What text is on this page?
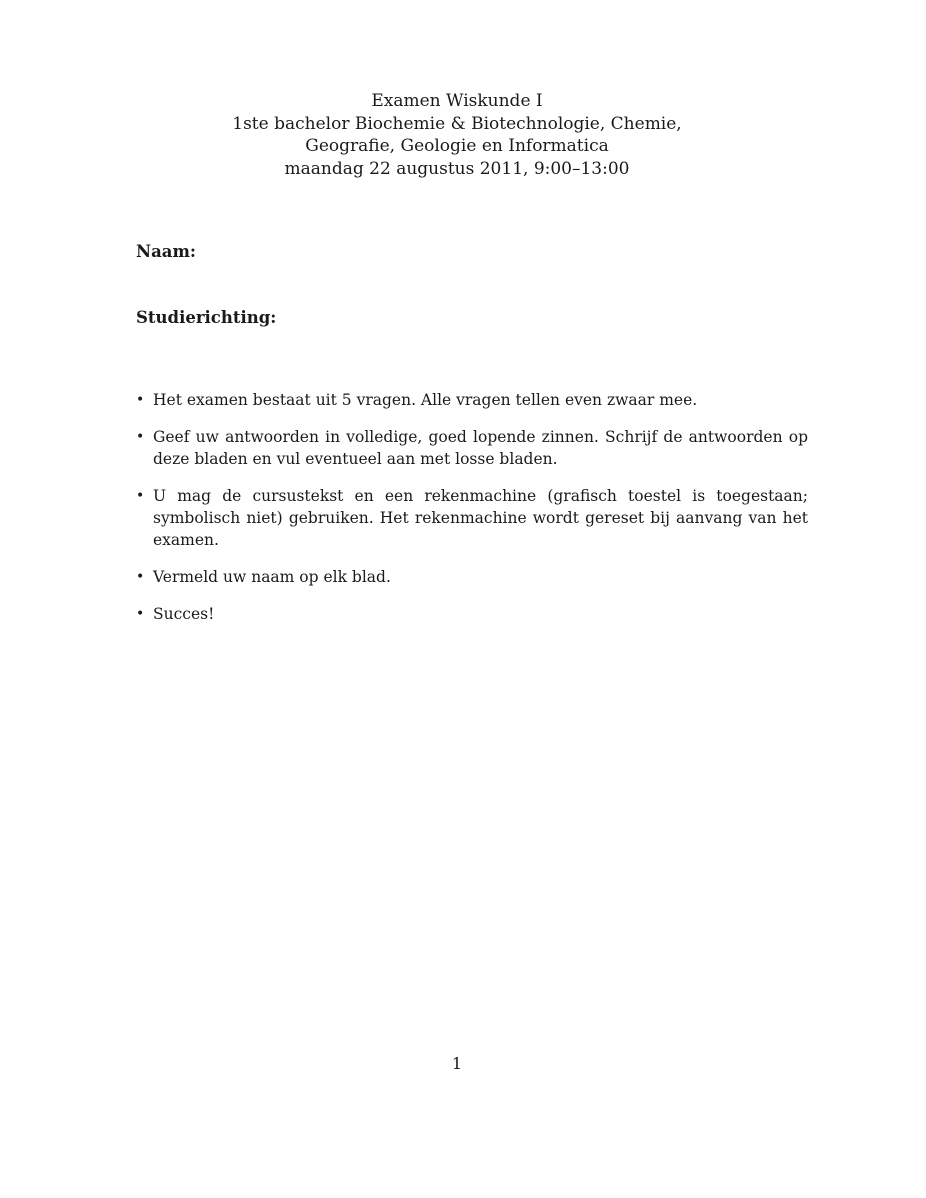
Examen Wiskunde I
1ste bachelor Biochemie & Biotechnologie, Chemie,
Geografie, Geologie en Informatica
maandag 22 augustus 2011, 9:00–13:00
Naam:
Studierichting:
• Het examen bestaat uit 5 vragen. Alle vragen tellen even zwaar mee.
• Geef uw antwoorden in volledige, goed lopende zinnen. Schrijf de antwoorden op deze bladen en vul eventueel aan met losse bladen.
• U mag de cursustekst en een rekenmachine (grafisch toestel is toegestaan; symbolisch niet) gebruiken. Het rekenmachine wordt gereset bij aanvang van het examen.
• Vermeld uw naam op elk blad.
• Succes!
1
